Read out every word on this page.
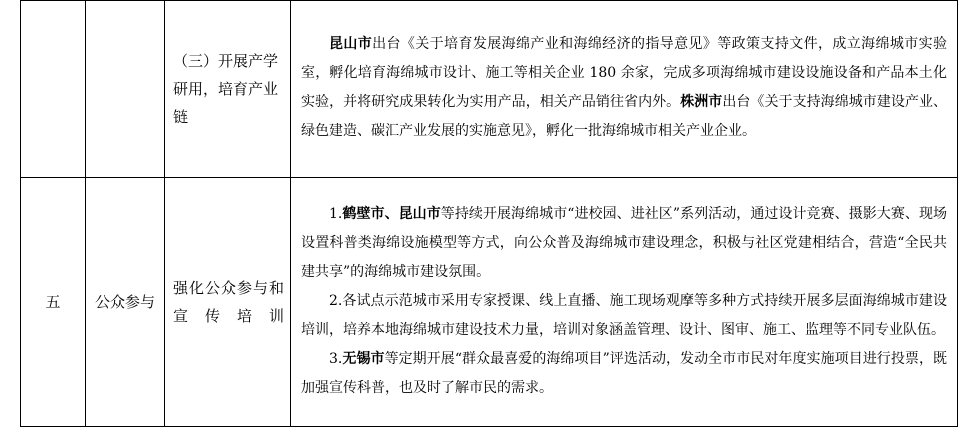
		（三）开展产学研用，培育产业链	昆山市出台《关于培育发展海绵产业和海绵经济的指导意见》等政策支持文件，成立海绵城市实验室，孵化培育海绵城市设计、施工等相关企业 180 余家，完成多项海绵城市建设设施设备和产品本土化实验，并将研究成果转化为实用产品，相关产品销往省内外。株洲市出台《关于支持海绵城市建设产业、绿色建造、碳汇产业发展的实施意见》，孵化一批海绵城市相关产业企业。

五	公众参与	强化公众参与和宣传培训	1.鹤壁市、昆山市等持续开展海绵城市“进校园、进社区”系列活动，通过设计竞赛、摄影大赛、现场设置科普类海绵设施模型等方式，向公众普及海绵城市建设理念，积极与社区党建相结合，营造“全民共建共享”的海绵城市建设氛围。

2.各试点示范城市采用专家授课、线上直播、施工现场观摩等多种方式持续开展多层面海绵城市建设培训，培养本地海绵城市建设技术力量，培训对象涵盖管理、设计、图审、施工、监理等不同专业队伍。

3.无锡市等定期开展“群众最喜爱的海绵项目”评选活动，发动全市市民对年度实施项目进行投票，既加强宣传科普，也及时了解市民的需求。
